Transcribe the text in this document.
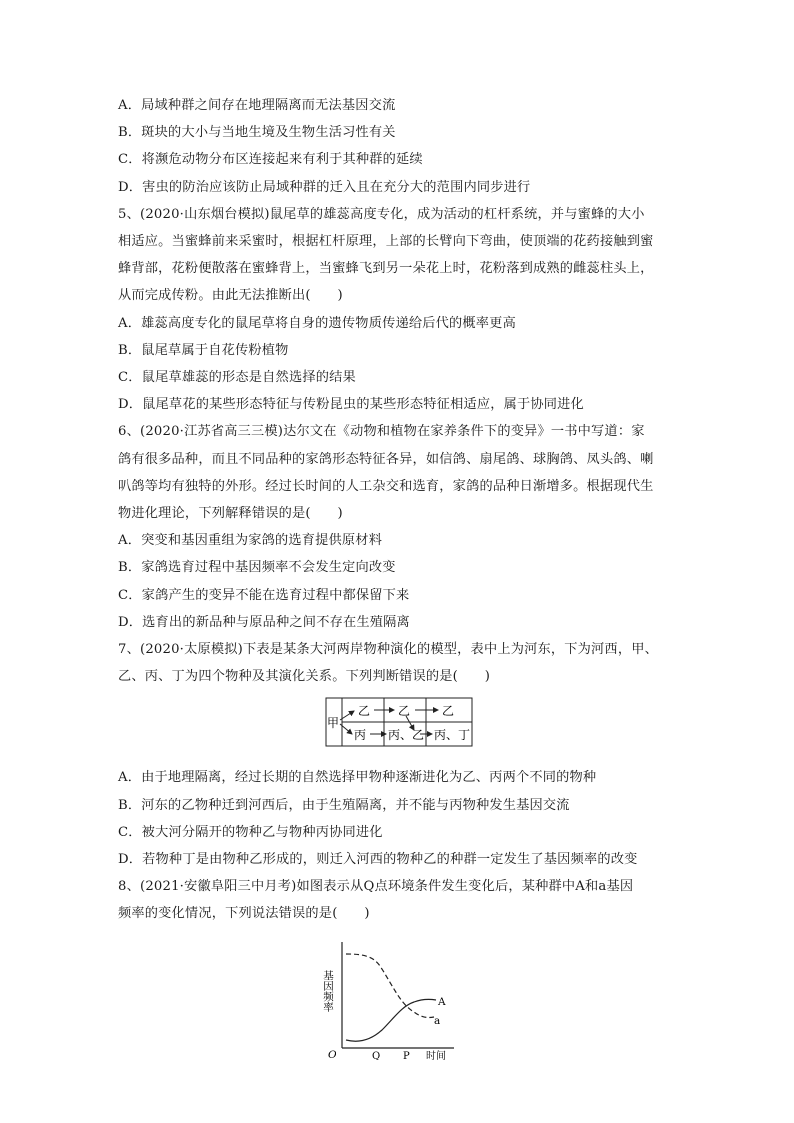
A．局域种群之间存在地理隔离而无法基因交流
B．斑块的大小与当地生境及生物生活习性有关
C．将濒危动物分布区连接起来有利于其种群的延续
D．害虫的防治应该防止局域种群的迁入且在充分大的范围内同步进行
5、(2020·山东烟台模拟)鼠尾草的雄蕊高度专化，成为活动的杠杆系统，并与蜜蜂的大小
相适应。当蜜蜂前来采蜜时，根据杠杆原理，上部的长臂向下弯曲，使顶端的花药接触到蜜
蜂背部，花粉便散落在蜜蜂背上，当蜜蜂飞到另一朵花上时，花粉落到成熟的雌蕊柱头上，
从而完成传粉。由此无法推断出(　　)
A．雄蕊高度专化的鼠尾草将自身的遗传物质传递给后代的概率更高
B．鼠尾草属于自花传粉植物
C．鼠尾草雄蕊的形态是自然选择的结果
D．鼠尾草花的某些形态特征与传粉昆虫的某些形态特征相适应，属于协同进化
6、(2020·江苏省高三三模)达尔文在《动物和植物在家养条件下的变异》一书中写道：家
鸽有很多品种，而且不同品种的家鸽形态特征各异，如信鸽、扇尾鸽、球胸鸽、凤头鸽、喇
叭鸽等均有独特的外形。经过长时间的人工杂交和选育，家鸽的品种日渐增多。根据现代生
物进化理论，下列解释错误的是(　　)
A．突变和基因重组为家鸽的选育提供原材料
B．家鸽选育过程中基因频率不会发生定向改变
C．家鸽产生的变异不能在选育过程中都保留下来
D．选育出的新品种与原品种之间不存在生殖隔离
7、(2020·太原模拟)下表是某条大河两岸物种演化的模型，表中上为河东，下为河西，甲、
乙、丙、丁为四个物种及其演化关系。下列判断错误的是(　　)
甲
乙 乙	乙
丙 丙、乙 丙、丁
A．由于地理隔离，经过长期的自然选择甲物种逐渐进化为乙、丙两个不同的物种
B．河东的乙物种迁到河西后，由于生殖隔离，并不能与丙物种发生基因交流
C．被大河分隔开的物种乙与物种丙协同进化
D．若物种丁是由物种乙形成的，则迁入河西的物种乙的种群一定发生了基因频率的改变
8、(2021·安徽阜阳三中月考)如图表示从Q点环境条件发生变化后，某种群中A和a基因
频率的变化情况，下列说法错误的是(　　)
基因频率
O	Q P 时间
A
a
